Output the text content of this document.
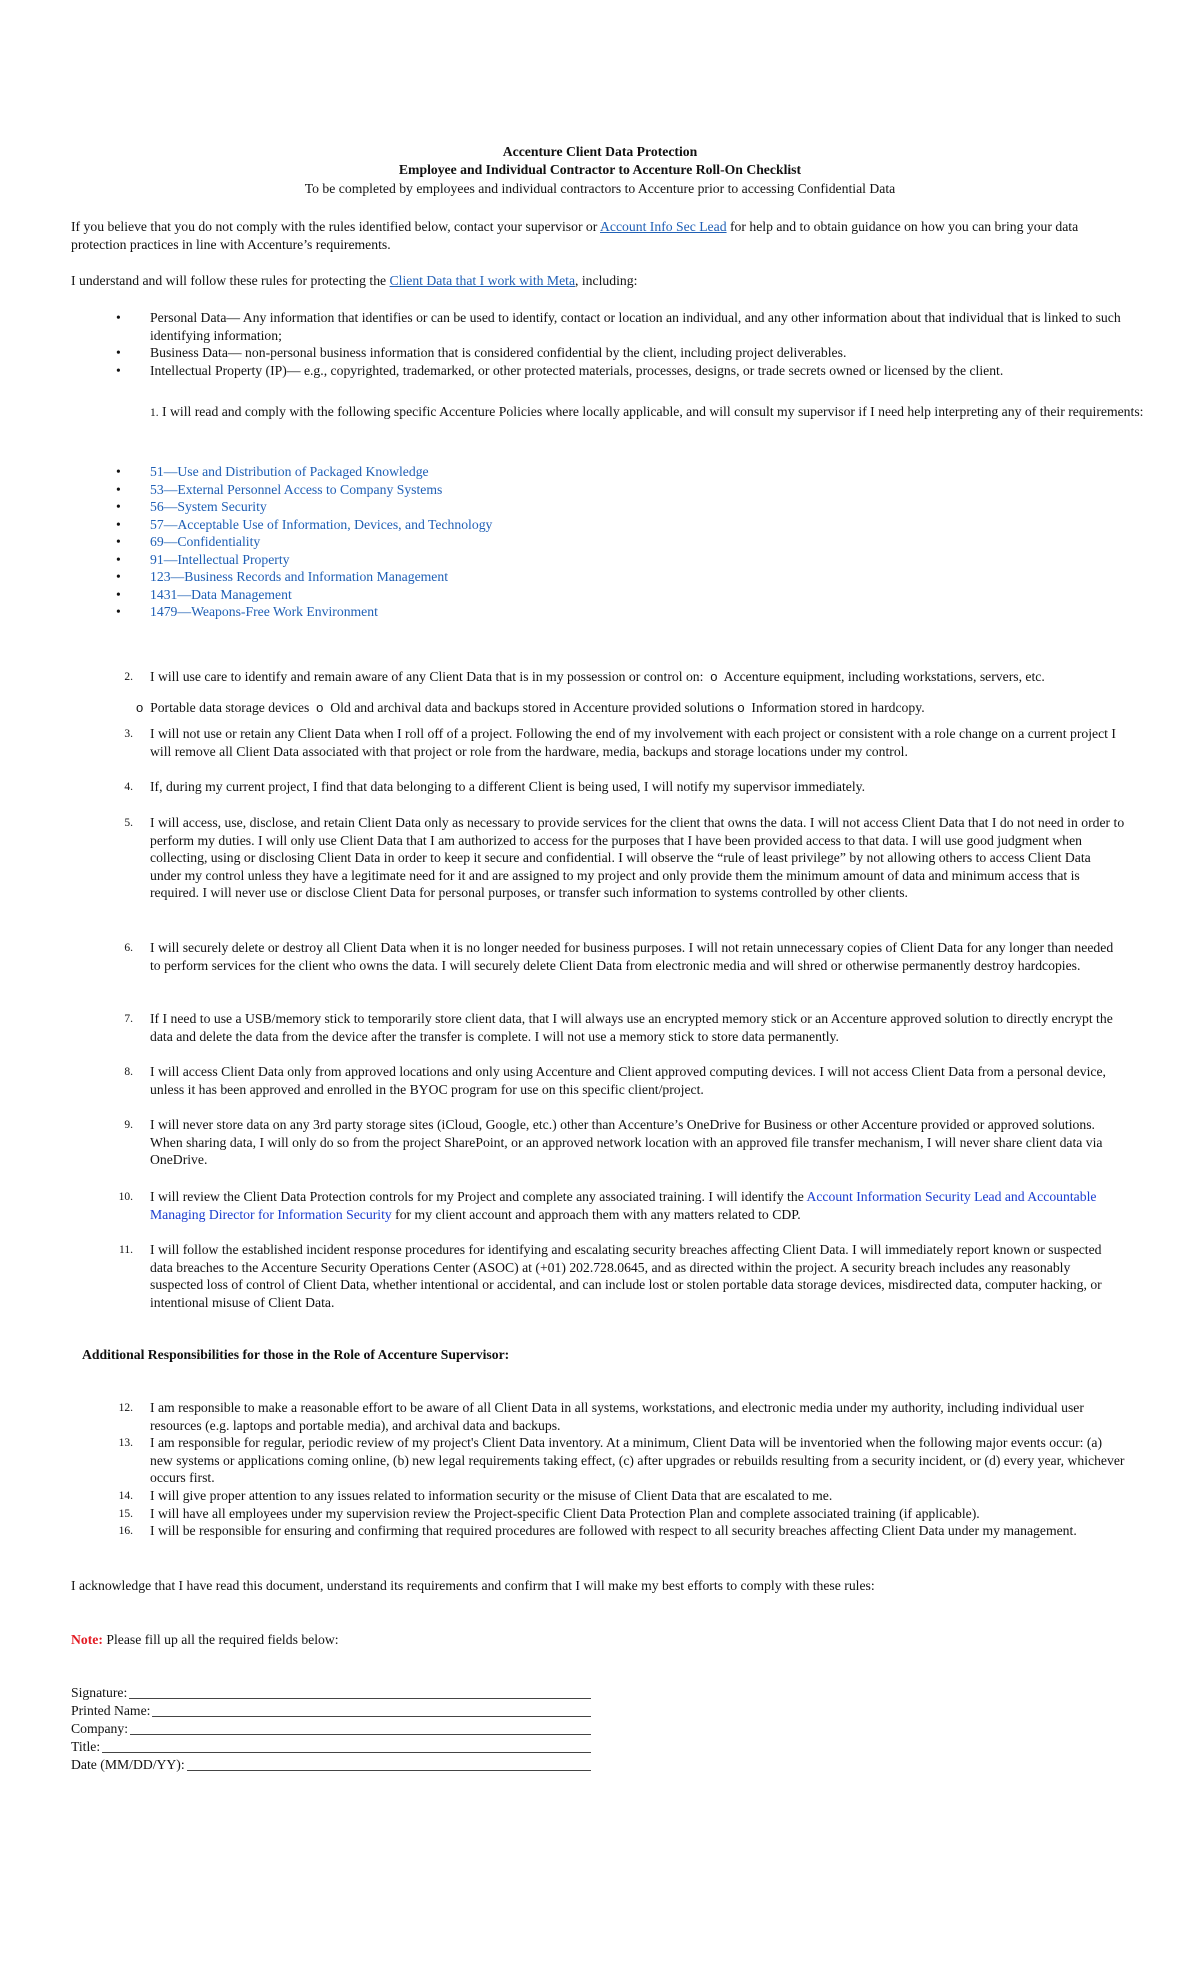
Accenture Client Data Protection
Employee and Individual Contractor to Accenture Roll-On Checklist
To be completed by employees and individual contractors to Accenture prior to accessing Confidential Data
If you believe that you do not comply with the rules identified below, contact your supervisor or Account Info Sec Lead for help and to obtain guidance on how you can bring your data protection practices in line with Accenture’s requirements.
I understand and will follow these rules for protecting the Client Data that I work with Meta, including:
•	Personal Data— Any information that identifies or can be used to identify, contact or location an individual, and any other information about that individual that is linked to such identifying information;
•	Business Data— non-personal business information that is considered confidential by the client, including project deliverables.
•	Intellectual Property (IP)— e.g., copyrighted, trademarked, or other protected materials, processes, designs, or trade secrets owned or licensed by the client.
1. I will read and comply with the following specific Accenture Policies where locally applicable, and will consult my supervisor if I need help interpreting any of their requirements:
• 51—Use and Distribution of Packaged Knowledge
• 53—External Personnel Access to Company Systems
• 56—System Security
• 57—Acceptable Use of Information, Devices, and Technology
• 69—Confidentiality
• 91—Intellectual Property
• 123—Business Records and Information Management
• 1431—Data Management
• 1479—Weapons-Free Work Environment
2. I will use care to identify and remain aware of any Client Data that is in my possession or control on: o Accenture equipment, including workstations, servers, etc.
o Portable data storage devices o Old and archival data and backups stored in Accenture provided solutions o Information stored in hardcopy.
3. I will not use or retain any Client Data when I roll off of a project. Following the end of my involvement with each project or consistent with a role change on a current project I will remove all Client Data associated with that project or role from the hardware, media, backups and storage locations under my control.
4. If, during my current project, I find that data belonging to a different Client is being used, I will notify my supervisor immediately.
5. I will access, use, disclose, and retain Client Data only as necessary to provide services for the client that owns the data. I will not access Client Data that I do not need in order to perform my duties. I will only use Client Data that I am authorized to access for the purposes that I have been provided access to that data. I will use good judgment when collecting, using or disclosing Client Data in order to keep it secure and confidential. I will observe the “rule of least privilege” by not allowing others to access Client Data under my control unless they have a legitimate need for it and are assigned to my project and only provide them the minimum amount of data and minimum access that is required. I will never use or disclose Client Data for personal purposes, or transfer such information to systems controlled by other clients.
6. I will securely delete or destroy all Client Data when it is no longer needed for business purposes. I will not retain unnecessary copies of Client Data for any longer than needed to perform services for the client who owns the data. I will securely delete Client Data from electronic media and will shred or otherwise permanently destroy hardcopies.
7. If I need to use a USB/memory stick to temporarily store client data, that I will always use an encrypted memory stick or an Accenture approved solution to directly encrypt the data and delete the data from the device after the transfer is complete. I will not use a memory stick to store data permanently.
8. I will access Client Data only from approved locations and only using Accenture and Client approved computing devices. I will not access Client Data from a personal device, unless it has been approved and enrolled in the BYOC program for use on this specific client/project.
9. I will never store data on any 3rd party storage sites (iCloud, Google, etc.) other than Accenture’s OneDrive for Business or other Accenture provided or approved solutions. When sharing data, I will only do so from the project SharePoint, or an approved network location with an approved file transfer mechanism, I will never share client data via OneDrive.
10. I will review the Client Data Protection controls for my Project and complete any associated training. I will identify the Account Information Security Lead and Accountable Managing Director for Information Security for my client account and approach them with any matters related to CDP.
11. I will follow the established incident response procedures for identifying and escalating security breaches affecting Client Data. I will immediately report known or suspected data breaches to the Accenture Security Operations Center (ASOC) at (+01) 202.728.0645, and as directed within the project. A security breach includes any reasonably suspected loss of control of Client Data, whether intentional or accidental, and can include lost or stolen portable data storage devices, misdirected data, computer hacking, or intentional misuse of Client Data.
Additional Responsibilities for those in the Role of Accenture Supervisor:
12. I am responsible to make a reasonable effort to be aware of all Client Data in all systems, workstations, and electronic media under my authority, including individual user resources (e.g. laptops and portable media), and archival data and backups.
13. I am responsible for regular, periodic review of my project's Client Data inventory. At a minimum, Client Data will be inventoried when the following major events occur: (a) new systems or applications coming online, (b) new legal requirements taking effect, (c) after upgrades or rebuilds resulting from a security incident, or (d) every year, whichever occurs first.
14. I will give proper attention to any issues related to information security or the misuse of Client Data that are escalated to me.
15. I will have all employees under my supervision review the Project-specific Client Data Protection Plan and complete associated training (if applicable).
16. I will be responsible for ensuring and confirming that required procedures are followed with respect to all security breaches affecting Client Data under my management.
I acknowledge that I have read this document, understand its requirements and confirm that I will make my best efforts to comply with these rules:
Note: Please fill up all the required fields below:
Signature:
Printed Name:
Company:
Title:
Date (MM/DD/YY):
